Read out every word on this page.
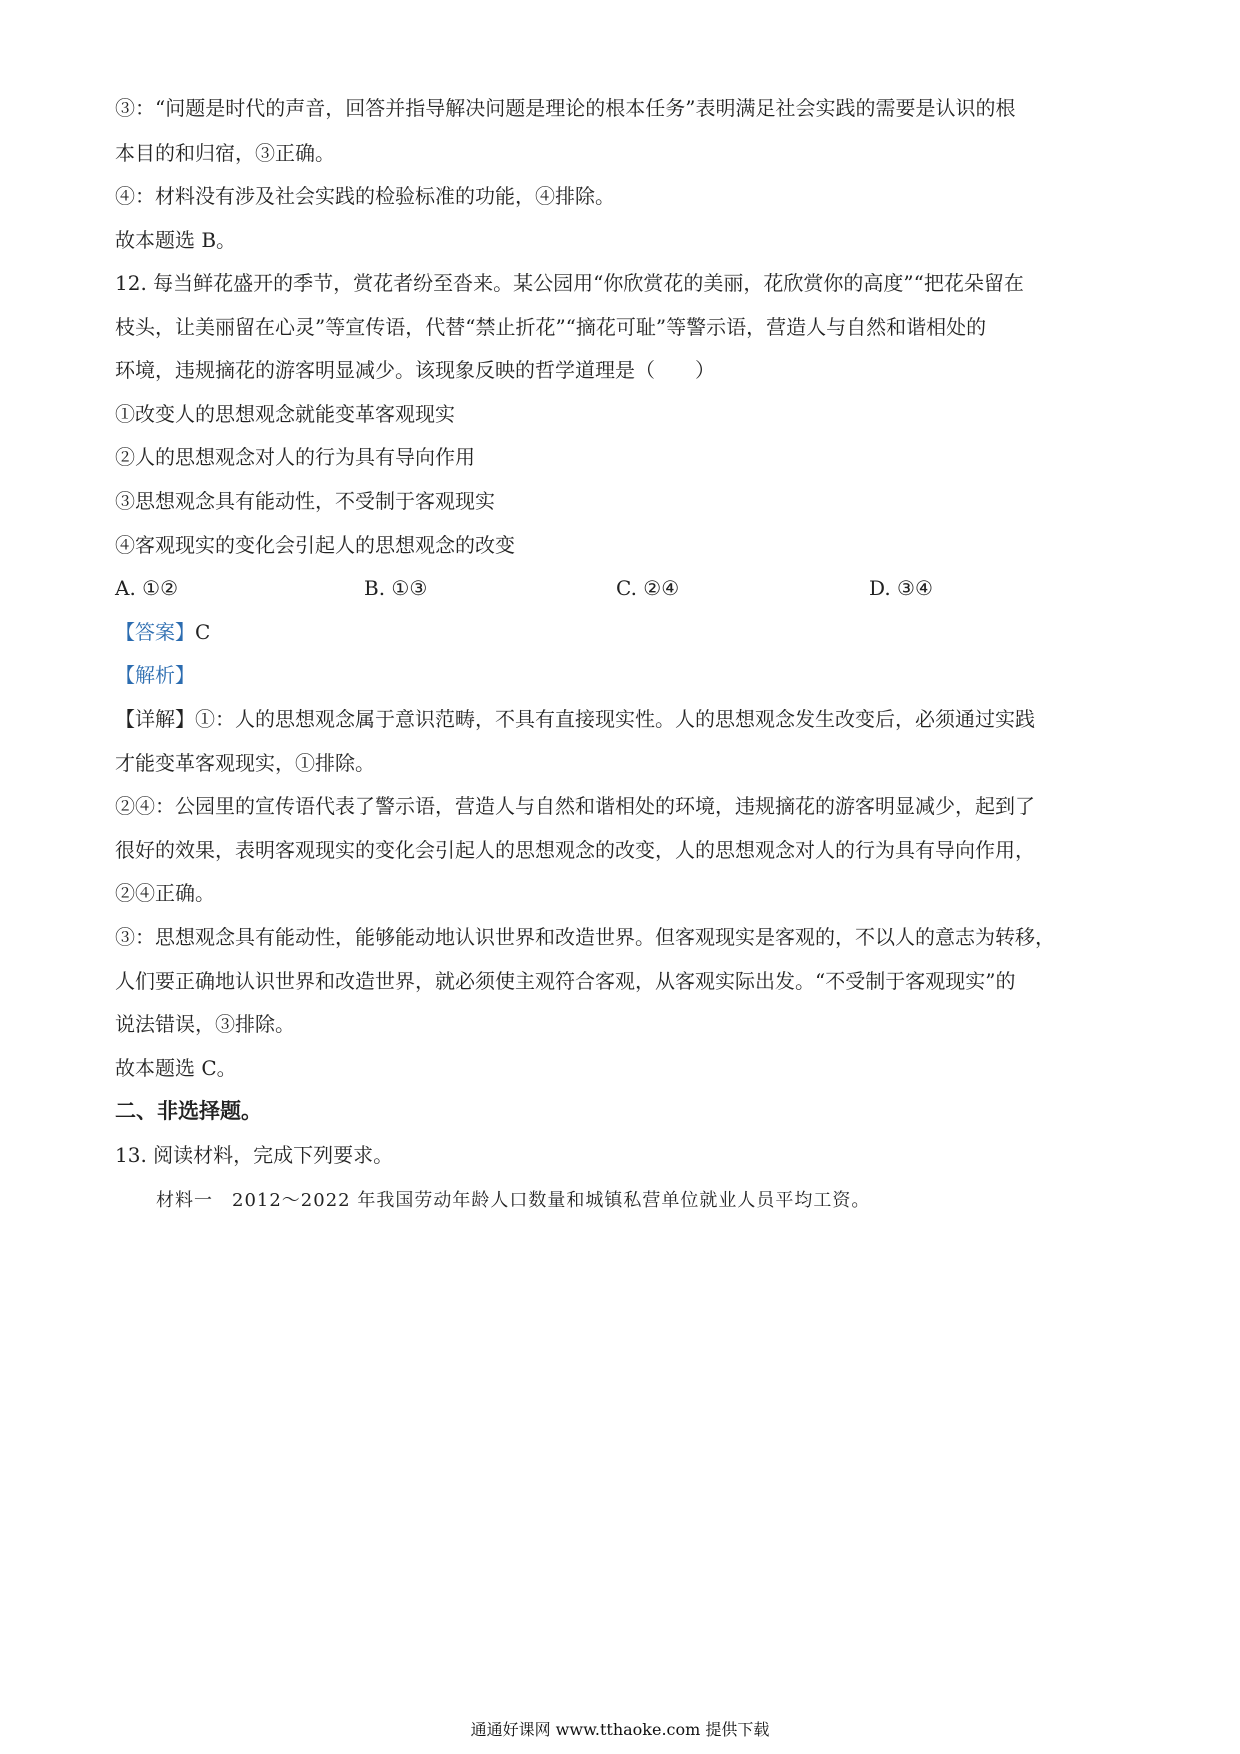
③：“问题是时代的声音，回答并指导解决问题是理论的根本任务”表明满足社会实践的需要是认识的根
本目的和归宿，③正确。
④：材料没有涉及社会实践的检验标准的功能，④排除。
故本题选 B。
12. 每当鲜花盛开的季节，赏花者纷至沓来。某公园用“你欣赏花的美丽，花欣赏你的高度”“把花朵留在
枝头，让美丽留在心灵”等宣传语，代替“禁止折花”“摘花可耻”等警示语，营造人与自然和谐相处的
环境，违规摘花的游客明显减少。该现象反映的哲学道理是（　　）
①改变人的思想观念就能变革客观现实
②人的思想观念对人的行为具有导向作用
③思想观念具有能动性，不受制于客观现实
④客观现实的变化会引起人的思想观念的改变
A. ①②	B. ①③	C. ②④	D. ③④
【答案】C
【解析】
【详解】①：人的思想观念属于意识范畴，不具有直接现实性。人的思想观念发生改变后，必须通过实践
才能变革客观现实，①排除。
②④：公园里的宣传语代表了警示语，营造人与自然和谐相处的环境，违规摘花的游客明显减少，起到了
很好的效果，表明客观现实的变化会引起人的思想观念的改变，人的思想观念对人的行为具有导向作用，
②④正确。
③：思想观念具有能动性，能够能动地认识世界和改造世界。但客观现实是客观的，不以人的意志为转移，
人们要正确地认识世界和改造世界，就必须使主观符合客观，从客观实际出发。“不受制于客观现实”的
说法错误，③排除。
故本题选 C。
二、非选择题。
13. 阅读材料，完成下列要求。
材料一　2012～2022 年我国劳动年龄人口数量和城镇私营单位就业人员平均工资。
通通好课网 www.tthaoke.com 提供下载
